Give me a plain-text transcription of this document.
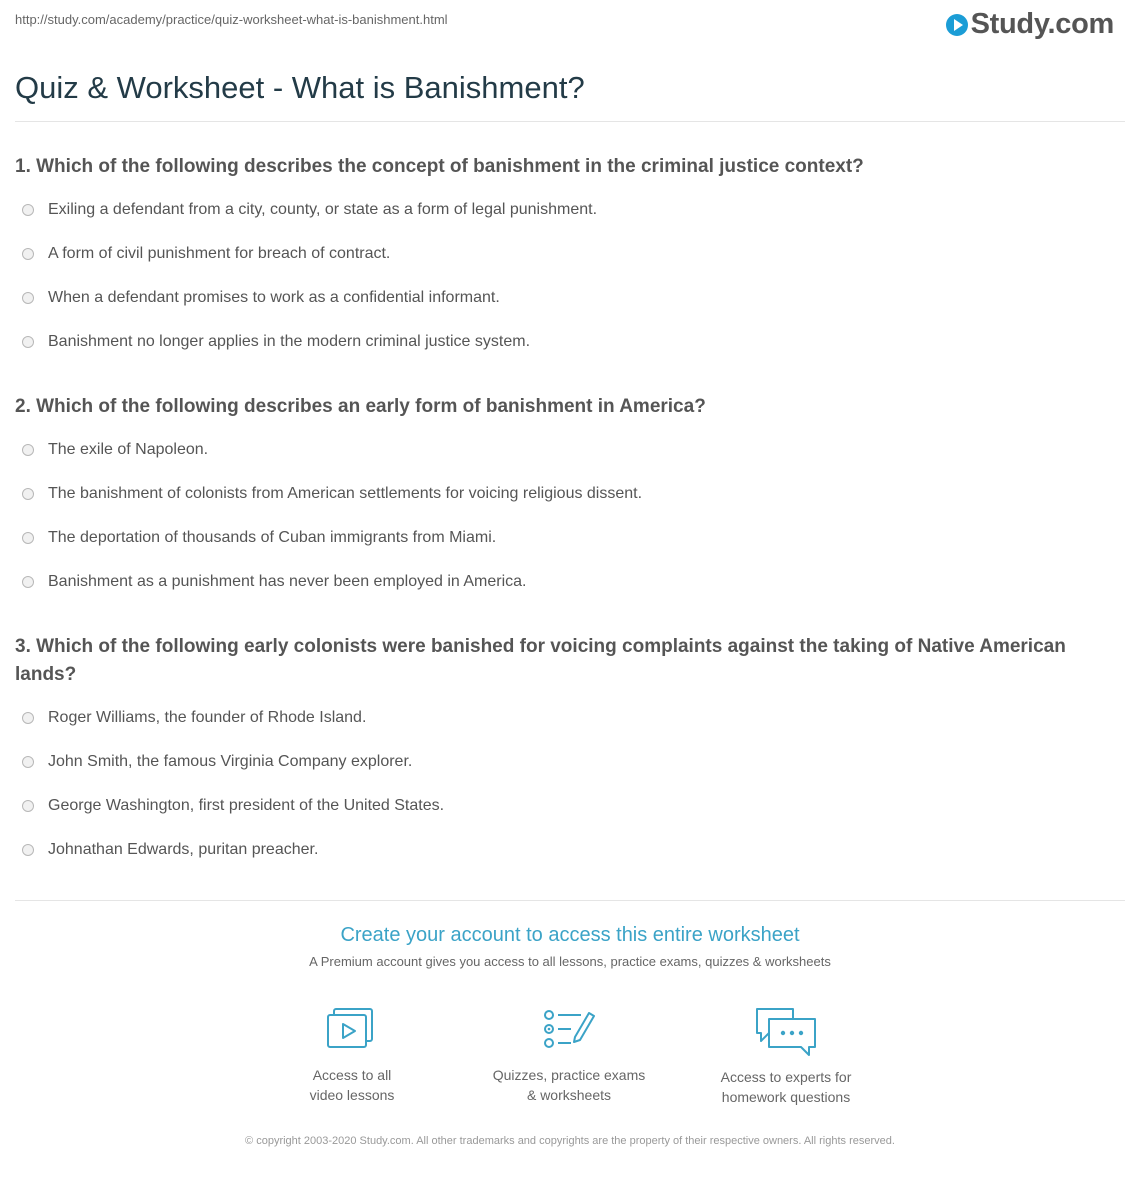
http://study.com/academy/practice/quiz-worksheet-what-is-banishment.html	Study.com
Quiz & Worksheet - What is Banishment?
1. Which of the following describes the concept of banishment in the criminal justice context?
Exiling a defendant from a city, county, or state as a form of legal punishment.
A form of civil punishment for breach of contract.
When a defendant promises to work as a confidential informant.
Banishment no longer applies in the modern criminal justice system.
2. Which of the following describes an early form of banishment in America?
The exile of Napoleon.
The banishment of colonists from American settlements for voicing religious dissent.
The deportation of thousands of Cuban immigrants from Miami.
Banishment as a punishment has never been employed in America.
3. Which of the following early colonists were banished for voicing complaints against the taking of Native American lands?
Roger Williams, the founder of Rhode Island.
John Smith, the famous Virginia Company explorer.
George Washington, first president of the United States.
Johnathan Edwards, puritan preacher.
Create your account to access this entire worksheet
A Premium account gives you access to all lessons, practice exams, quizzes & worksheets
Access to all
video lessons
Quizzes, practice exams
& worksheets
Access to experts for
homework questions
© copyright 2003-2020 Study.com. All other trademarks and copyrights are the property of their respective owners. All rights reserved.
